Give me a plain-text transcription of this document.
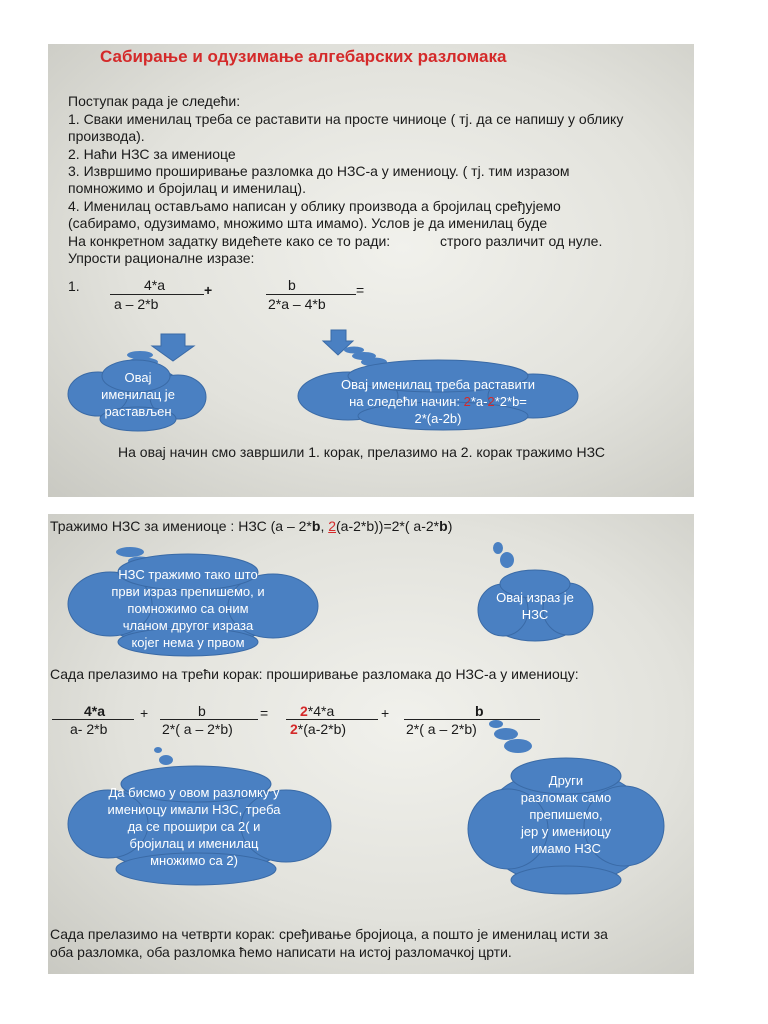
Сабирање и одузимање алгебарских разломака
Поступак рада је следећи:
1. Сваки именилац треба се раставити на просте чиниоце ( тј. да се напишу у облику
производа).
2. Наћи НЗС за имениоце
3. Извршимо проширивање разломка до НЗС-а у имениоцу. ( тј. тим изразом
помножимо и бројилац и именилац).
4. Именилац остављамо написан у облику производа а бројилац сређујемо
(сабирамо, одузимамо, множимо шта имамо). Услов је да именилац буде
На конкретном задатку видећете како се то ради:	строго различит од нуле.
Упрости рационалне изразе:
1.	4*a	+
a – 2*b
b	=
2*a – 4*b
Овај
именилац је
растављен
Овај именилац треба раставити
на следећи начин: 2*a-2*2*b=
2*(a-2b)
На овај начин смо завршили 1. корак, прелазимо на 2. корак тражимо НЗС
Тражимо НЗС за имениоце : НЗС (a – 2*b, 2(a-2*b))=2*( a-2*b)
НЗС тражимо тако што
први израз препишемо, и
помножимо са оним
чланом другог израза
којег нема у првом
Овај израз је
НЗС
Сада прелазимо на трећи корак: проширивање разломака до НЗС-а у имениоцу:
4*a
a- 2*b
+	b
2*( a – 2*b)
= 2*4*a
2*(a-2*b)
+	b
2*( a – 2*b)
Да бисмо у овом разломку у
имениоцу имали НЗС, треба
да се прошири са 2( и
бројилац и именилац
множимо са 2)
Други
разломак само
препишемо,
јер у имениоцу
имамо НЗС
Сада прелазимо на четврти корак: сређивање бројиоца, а пошто је именилац исти за
оба разломка, оба разломка ћемо написати на истој разломачкој црти.
